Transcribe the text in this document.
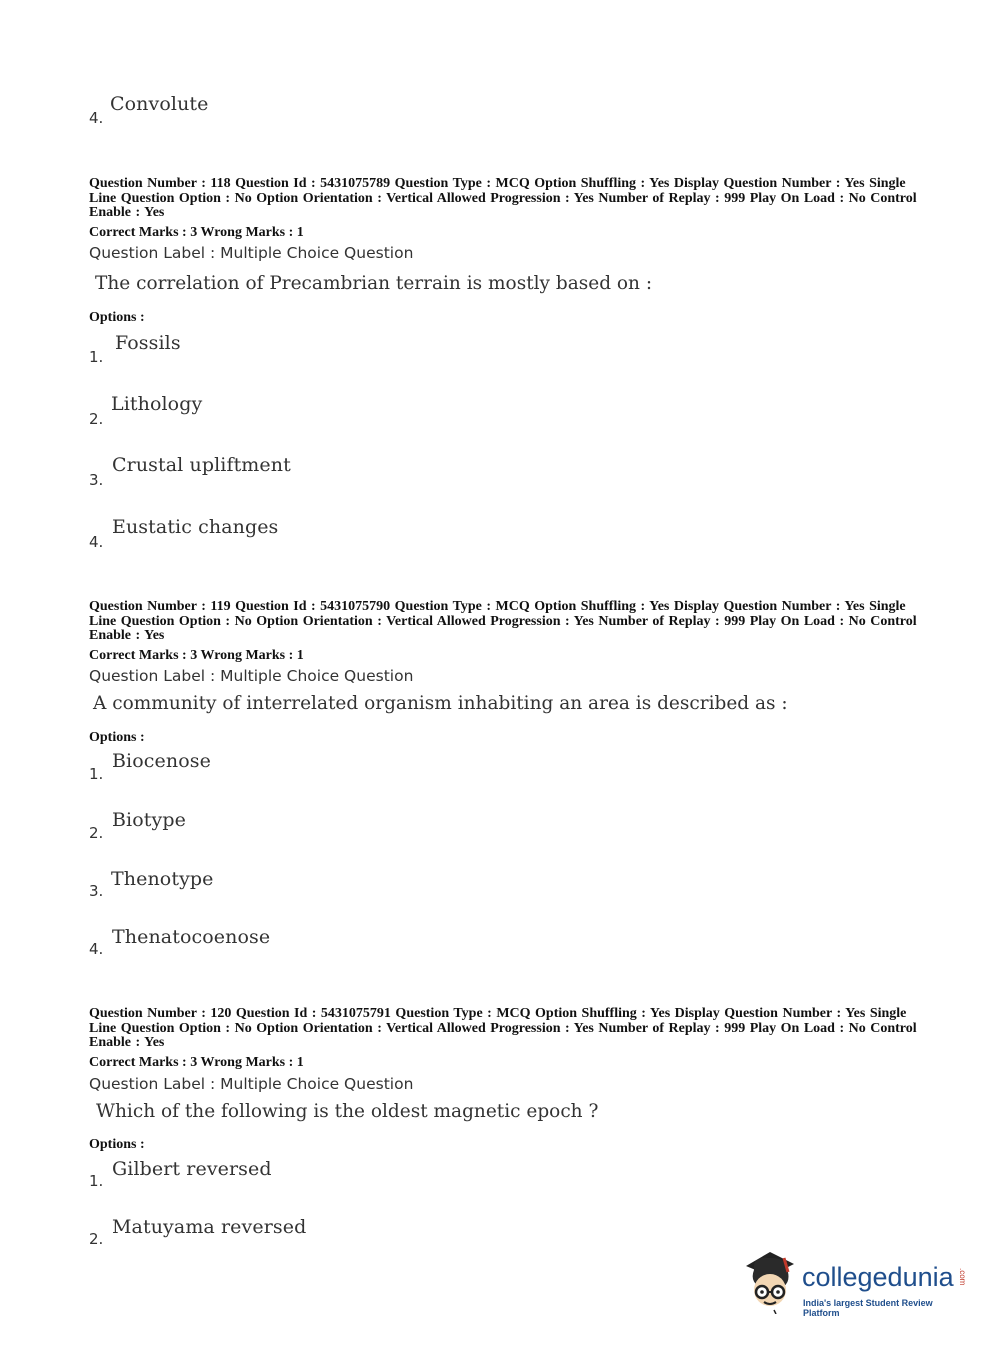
Convolute
4.
Question Number : 118 Question Id : 5431075789 Question Type : MCQ Option Shuffling : Yes Display Question Number : Yes Single Line Question Option : No Option Orientation : Vertical Allowed Progression : Yes Number of Replay : 999 Play On Load : No Control Enable : Yes
Correct Marks : 3 Wrong Marks : 1
Question Label : Multiple Choice Question
The correlation of Precambrian terrain is mostly based on :
Options :
Fossils
1.
Lithology
2.
Crustal upliftment
3.
Eustatic changes
4.
Question Number : 119 Question Id : 5431075790 Question Type : MCQ Option Shuffling : Yes Display Question Number : Yes Single Line Question Option : No Option Orientation : Vertical Allowed Progression : Yes Number of Replay : 999 Play On Load : No Control Enable : Yes
Correct Marks : 3 Wrong Marks : 1
Question Label : Multiple Choice Question
A community of interrelated organism inhabiting an area is described as :
Options :
Biocenose
1.
Biotype
2.
Thenotype
3.
Thenatocoenose
4.
Question Number : 120 Question Id : 5431075791 Question Type : MCQ Option Shuffling : Yes Display Question Number : Yes Single Line Question Option : No Option Orientation : Vertical Allowed Progression : Yes Number of Replay : 999 Play On Load : No Control Enable : Yes
Correct Marks : 3 Wrong Marks : 1
Question Label : Multiple Choice Question
Which of the following is the oldest magnetic epoch ?
Options :
Gilbert reversed
1.
Matuyama reversed
2.
collegedunia .com
India's largest Student Review Platform
